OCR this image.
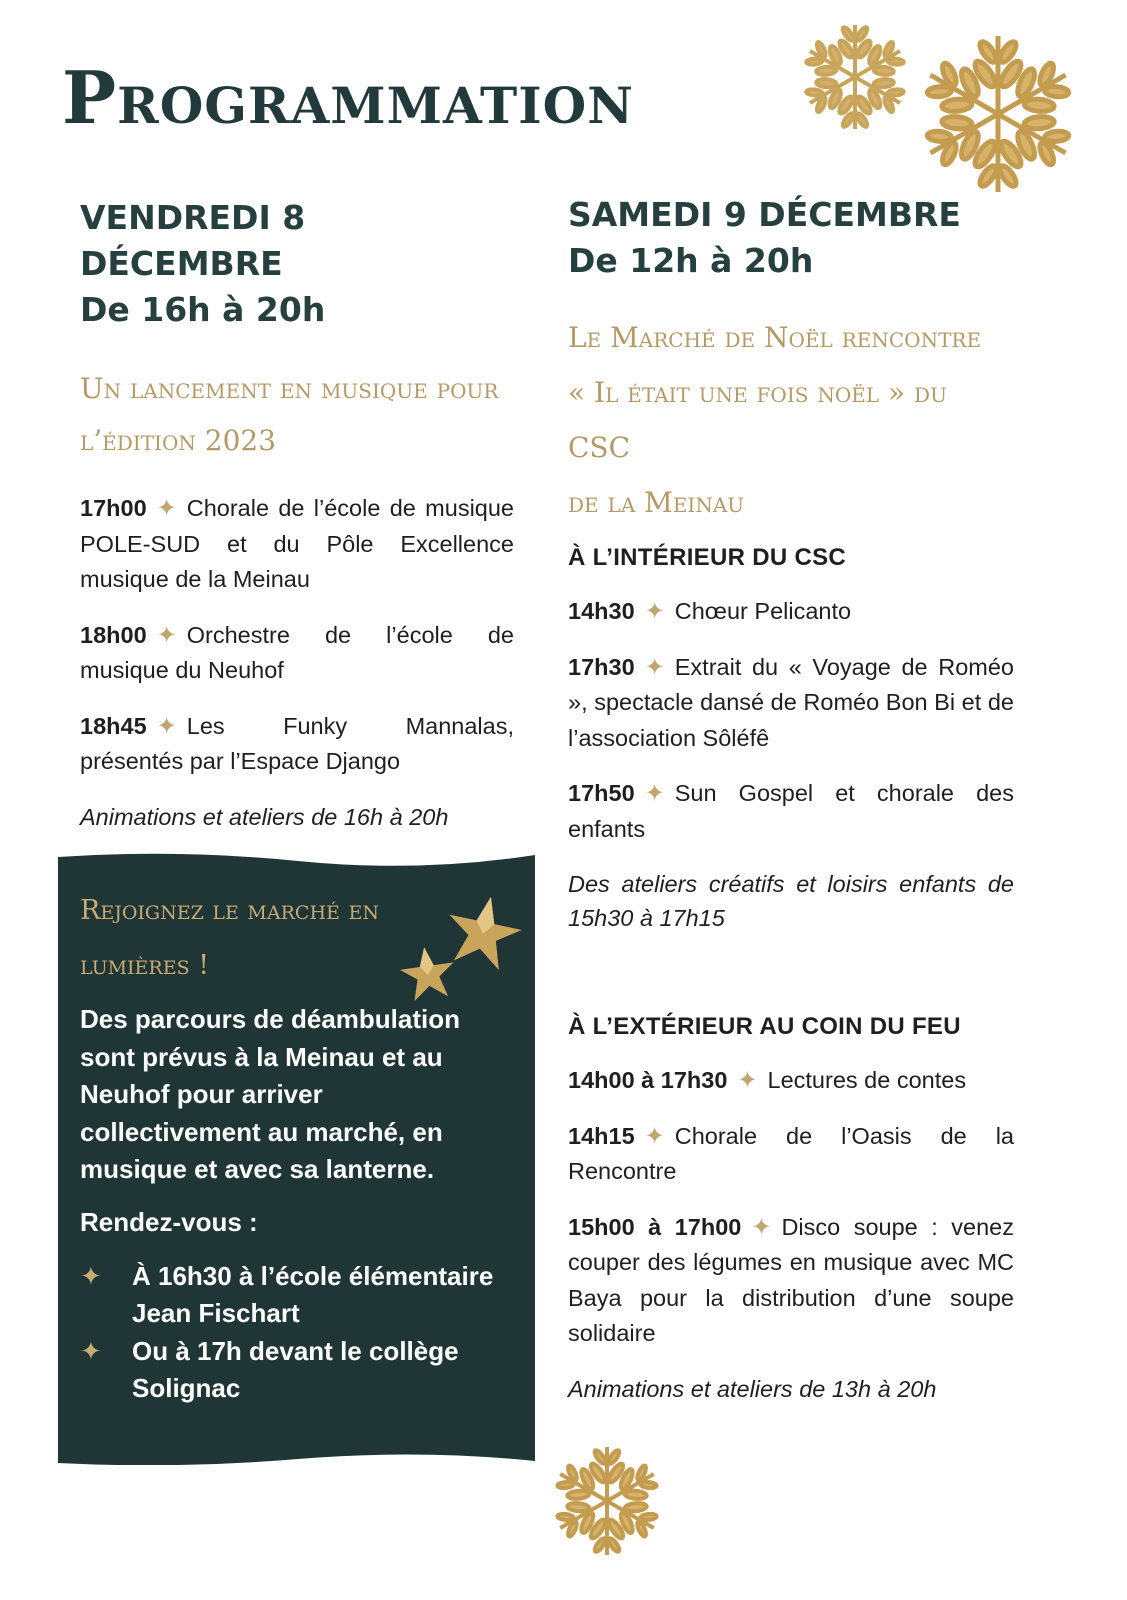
Programmation
VENDREDI 8 DÉCEMBRE
De 16h à 20h

Un lancement en musique pour

l’édition 2023

17h00 ✦ Chorale de l’école de musique POLE-SUD et du Pôle Excellence musique de la Meinau

18h00 ✦ Orchestre de l’école de musique du Neuhof

18h45 ✦ Les Funky Mannalas, présentés par l’Espace Django

Animations et ateliers de 16h à 20h

SAMEDI 9 DÉCEMBRE
De 12h à 20h

Le Marché de Noël rencontre

« Il était une fois noël » du CSC

de la Meinau

À L’INTÉRIEUR DU CSC

14h30 ✦ Chœur Pelicanto

17h30 ✦ Extrait du « Voyage de Roméo », spectacle dansé de Roméo Bon Bi et de l’association Sôléfê

17h50 ✦ Sun Gospel et chorale des enfants

Des ateliers créatifs et loisirs enfants de 15h30 à 17h15

À L’EXTÉRIEUR AU COIN DU FEU

14h00 à 17h30 ✦ Lectures de contes

14h15 ✦ Chorale de l’Oasis de la Rencontre

15h00 à 17h00 ✦ Disco soupe : venez couper des légumes en musique avec MC Baya pour la distribution d’une soupe solidaire

Animations et ateliers de 13h à 20h

Rejoignez le marché en

lumières !

Des parcours de déambulation sont prévus à la Meinau et au Neuhof pour arriver collectivement au marché, en musique et avec sa lanterne.

Rendez-vous :

✦ À 16h30 à l’école élémentaire Jean Fischart
✦ Ou à 17h devant le collège Solignac
